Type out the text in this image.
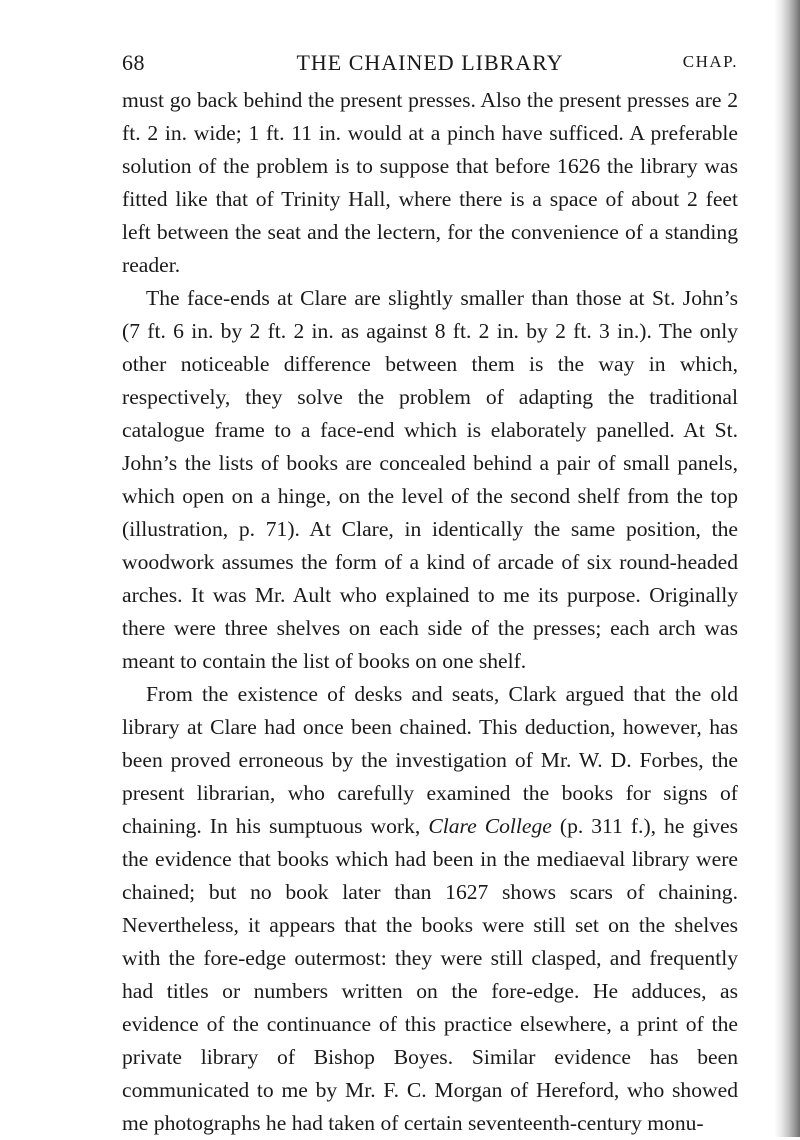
68	THE CHAINED LIBRARY	CHAP.

must go back behind the present presses. Also the present presses are 2 ft. 2 in. wide; 1 ft. 11 in. would at a pinch have sufficed. A preferable solution of the problem is to suppose that before 1626 the library was fitted like that of Trinity Hall, where there is a space of about 2 feet left between the seat and the lectern, for the convenience of a standing reader.

The face-ends at Clare are slightly smaller than those at St. John’s (7 ft. 6 in. by 2 ft. 2 in. as against 8 ft. 2 in. by 2 ft. 3 in.). The only other noticeable difference between them is the way in which, respectively, they solve the problem of adapting the traditional catalogue frame to a face-end which is elaborately panelled. At St. John’s the lists of books are concealed behind a pair of small panels, which open on a hinge, on the level of the second shelf from the top (illustration, p. 71). At Clare, in identically the same position, the woodwork assumes the form of a kind of arcade of six round-headed arches. It was Mr. Ault who explained to me its purpose. Originally there were three shelves on each side of the presses; each arch was meant to contain the list of books on one shelf.

From the existence of desks and seats, Clark argued that the old library at Clare had once been chained. This deduction, however, has been proved erroneous by the investigation of Mr. W. D. Forbes, the present librarian, who carefully examined the books for signs of chaining. In his sumptuous work, Clare College (p. 311 f.), he gives the evidence that books which had been in the mediaeval library were chained; but no book later than 1627 shows scars of chaining. Nevertheless, it appears that the books were still set on the shelves with the fore-edge outermost: they were still clasped, and frequently had titles or numbers written on the fore-edge. He adduces, as evidence of the continuance of this practice elsewhere, a print of the private library of Bishop Boyes. Similar evidence has been communicated to me by Mr. F. C. Morgan of Hereford, who showed me photographs he had taken of certain seventeenth-century monu-
